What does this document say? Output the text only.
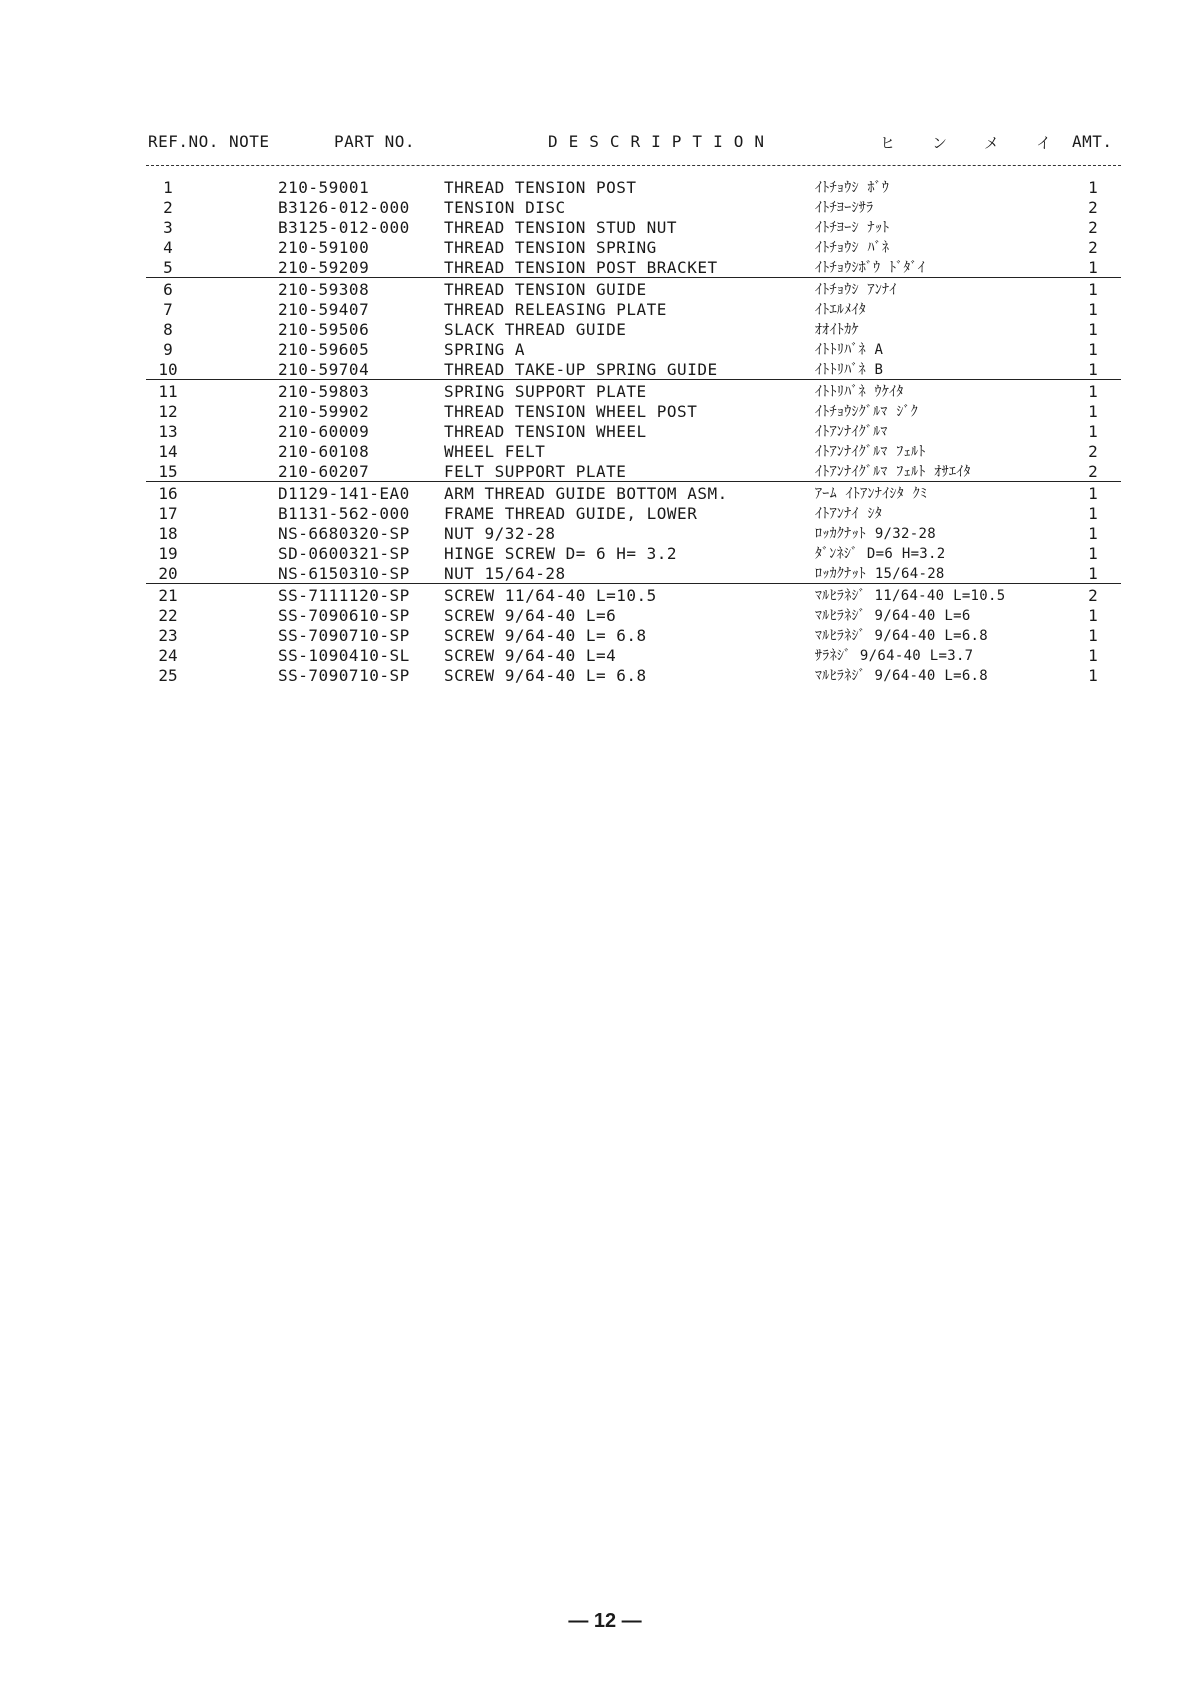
REF.NO. NOTE	PART NO.	DESCRIPTION	ヒ ン メ イ AMT.
1	210-59001	THREAD TENSION POST	ｲﾄﾁｮｳｼ ﾎﾞｳ	1
2	B3126-012-000 TENSION DISC	ｲﾄﾁﾖｰｼｻﾗ	2
3	B3125-012-000 THREAD TENSION STUD NUT	ｲﾄﾁﾖｰｼ ﾅｯﾄ	2
4	210-59100	THREAD TENSION SPRING	ｲﾄﾁｮｳｼ ﾊﾞﾈ	2
5	210-59209	THREAD TENSION POST BRACKET	ｲﾄﾁｮｳｼﾎﾞｳ ﾄﾞﾀﾞｲ	1
6	210-59308	THREAD TENSION GUIDE	ｲﾄﾁｮｳｼ ｱﾝﾅｲ	1
7	210-59407	THREAD RELEASING PLATE	ｲﾄｴﾙﾒｲﾀ	1
8	210-59506	SLACK THREAD GUIDE	ｵｵｲﾄｶｹ	1
9	210-59605	SPRING A	ｲﾄﾄﾘﾊﾞﾈ A	1
10	210-59704	THREAD TAKE-UP SPRING GUIDE	ｲﾄﾄﾘﾊﾞﾈ B	1
11	210-59803	SPRING SUPPORT PLATE	ｲﾄﾄﾘﾊﾞﾈ ｳｹｲﾀ	1
12	210-59902	THREAD TENSION WHEEL POST	ｲﾄﾁｮｳｼｸﾞﾙﾏ ｼﾞｸ	1
13	210-60009	THREAD TENSION WHEEL	ｲﾄｱﾝﾅｲｸﾞﾙﾏ	1
14	210-60108	WHEEL FELT	ｲﾄｱﾝﾅｲｸﾞﾙﾏ ﾌｪﾙﾄ	2
15	210-60207	FELT SUPPORT PLATE	ｲﾄｱﾝﾅｲｸﾞﾙﾏ ﾌｪﾙﾄ ｵｻｴｲﾀ	2
16	D1129-141-EA0 ARM THREAD GUIDE BOTTOM ASM.	ｱｰﾑ ｲﾄｱﾝﾅｲｼﾀ ｸﾐ	1
17	B1131-562-000 FRAME THREAD GUIDE, LOWER	ｲﾄｱﾝﾅｲ ｼﾀ	1
18	NS-6680320-SP NUT 9/32-28	ﾛｯｶｸﾅｯﾄ 9/32-28	1
19	SD-0600321-SP HINGE SCREW D= 6 H= 3.2	ﾀﾞﾝﾈｼﾞ D=6 H=3.2	1
20	NS-6150310-SP NUT 15/64-28	ﾛｯｶｸﾅｯﾄ 15/64-28	1
21	SS-7111120-SP SCREW 11/64-40 L=10.5	ﾏﾙﾋﾗﾈｼﾞ 11/64-40 L=10.5	2
22	SS-7090610-SP SCREW 9/64-40 L=6	ﾏﾙﾋﾗﾈｼﾞ 9/64-40 L=6	1
23	SS-7090710-SP SCREW 9/64-40 L= 6.8	ﾏﾙﾋﾗﾈｼﾞ 9/64-40 L=6.8	1
24	SS-1090410-SL SCREW 9/64-40 L=4	ｻﾗﾈｼﾞ 9/64-40 L=3.7	1
25	SS-7090710-SP SCREW 9/64-40 L= 6.8	ﾏﾙﾋﾗﾈｼﾞ 9/64-40 L=6.8	1
— 12 —
